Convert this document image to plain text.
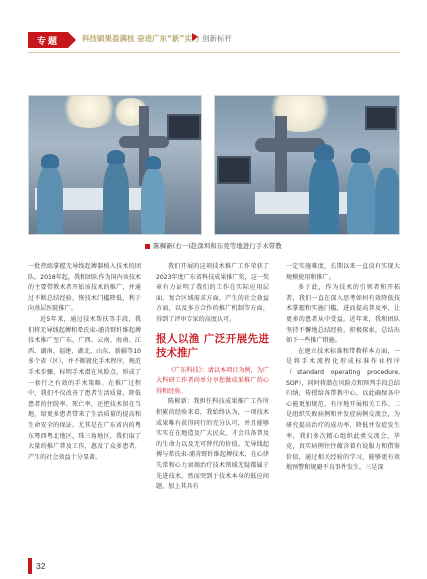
专题	科技硕果盈满枝 奋进广东“新”实力 创新标杆
陈樨新(右一)赴深圳和东莞等地进行手术带教

一批热练掌握无导线起搏器植入技术的团队。2018年起，我和团队作为国内该技术的主要带教术者开始该技术的推广，并通过不断总结经验，恢技术门槛降低，利于向基层医院推广。

近5年来，通过技术帮扶等手段，我们将无导线起搏和希氏束-浦肯野纤维起搏技术推广至广东、广西、云南、海南、江西、湖南、福建、湖北、山东、新疆等10多个省（区），并不断就化手术程序，规范手术步骤，标明手术潜在风险点，形成了一套行之有效的手术策略。在推广过程中，我们不仅改善了患者生活质量，降低患者的住院率、死亡率，还把技术留在当地，给更多患者带来了生活质量的提高和生命安全的保证。尤其是在广东省内的粤东粤西粤北地区，珠三角地区，我们取了大量的推广普及工作，惠及了众多患者，产生的社会效益十分显著。

我们开展的这项技术推广工作荣获了2023年度广东省科技成果推广奖，这一奖章有力证明了我们的工作在实际应用层面、复合区域需求方面，产生的社会效益方面，以及多方合作的推广机制等方面，得到了评审专家的高度认可。

报人以渔 广泛开展先进技术推广

《广东科技》：请以本项目为例，为广大科研工作者尚单分享您做成果推广的心得和经验。

陈樨新：我担任科技成果推广工作所积累的经验来看，我始终认为，一项技术成果唯有获得同行的充分认可，并且能够实实在在地造及广大民众，才会具备普及的生命力以及无可替代的价值。无导线起搏与希氏束-浦肯野纤维起搏技术，在心律失常和心力衰竭治疗技术领域无疑都属于先进技术。然而突到于技术本身的低应间题，加上其具有

一定实施难度，长期以来一直没有实现大规模使用和推广。

多于此，作为技术的引领者和开拓者，我们一直在深入思考如何有效降低技术掌握和实施门槛，进而提高普及率，让更多的患者从中受益。近年来，我和团队坚持不懈地总结经验，积极探索，总结出如下一些推广措施。

在建立技术标准和带教样本方面，一是将手术流程化形成标准作业程序（standard operating procedure, SOP），同时将潜在风险点和预判手段总结归纳，传授给各带教中心，以此确保各中心能更加规范、有序地开展相关工作。二是组织失败病例和并发症病例交流会，为研究提高治疗的成功率，降低并发症发生率。我们多次精心组织此类交流会，毕竟，真实病例往往蕴含着有说服力和借鉴价值，通过相关经验的学习，能够更有效地预警和规避不良事件发生。三是深

32
